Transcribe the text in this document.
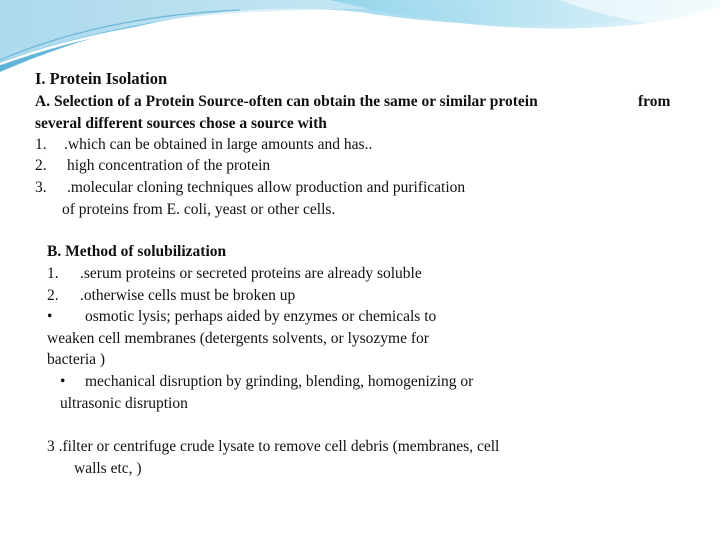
I. Protein Isolation
A. Selection of a Protein Source-often can obtain the same or similar protein	from
several different sources chose a source with
1. .which can be obtained in large amounts and has..
2. high concentration of the protein
3. .molecular cloning techniques allow production and purification
of proteins from E. coli, yeast or other cells.
B. Method of solubilization
1. .serum proteins or secreted proteins are already soluble
2. .otherwise cells must be broken up
• osmotic lysis; perhaps aided by enzymes or chemicals to
weaken cell membranes (detergents solvents, or lysozyme for
bacteria )
• mechanical disruption by grinding, blending, homogenizing or
ultrasonic disruption
3 .filter or centrifuge crude lysate to remove cell debris (membranes, cell
walls etc, )
